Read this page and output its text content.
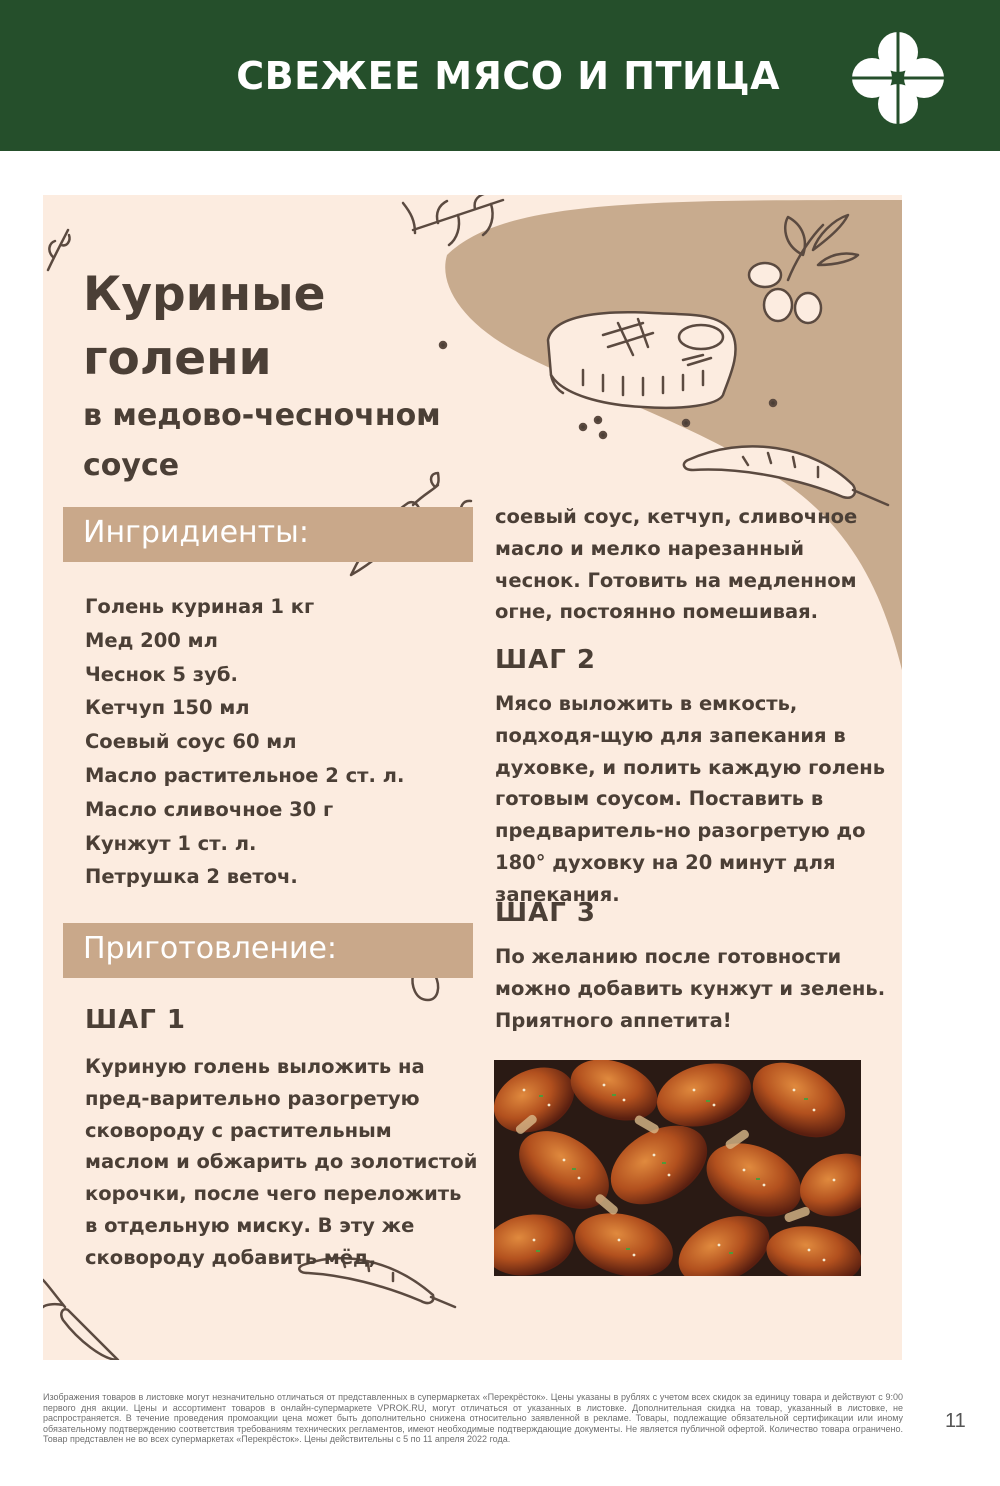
СВЕЖЕЕ МЯСО И ПТИЦА
Куриные
голени

в медово-чесночном соусе

Ингридиенты:
Голень куриная 1 кг
Мед 200 мл
Чеснок 5 зуб.
Кетчуп 150 мл
Соевый соус 60 мл
Масло растительное 2 ст. л.
Масло сливочное 30 г
Кунжут 1 ст. л.
Петрушка 2 веточ.
Приготовление:
ШАГ 1

Куриную голень выложить на пред-варительно разогретую сковороду с растительным маслом и обжарить до золотистой корочки, после чего переложить в отдельную миску. В эту же сковороду добавить мёд,

соевый соус, кетчуп, сливочное масло и мелко нарезанный чеснок. Готовить на медленном огне, постоянно помешивая.

ШАГ 2

Мясо выложить в емкость, подходя-щую для запекания в духовке, и полить каждую голень готовым соусом. Поставить в предваритель-но разогретую до 180° духовку на 20 минут для запекания.

ШАГ 3

По желанию после готовности можно добавить кунжут и зелень. Приятного аппетита!

Изображения товаров в листовке могут незначительно отличаться от представленных в супермаркетах «Перекрёсток». Цены указаны в рублях с учетом всех скидок за единицу товара и действуют с 9:00 первого дня акции. Цены и ассортимент товаров в онлайн-супермаркете VPROK.RU, могут отличаться от указанных в листовке. Дополнительная скидка на товар, указанный в листовке, не распространяется. В течение проведения промоакции цена может быть дополнительно снижена относительно заявленной в рекламе. Товары, подлежащие обязательной сертификации или иному обязательному подтверждению соответствия требованиям технических регламентов, имеют необходимые подтверждающие документы. Не является публичной офертой. Количество товара ограничено. Товар представлен не во всех супермаркетах «Перекрёсток». Цены действительны с 5 по 11 апреля 2022 года.

11
